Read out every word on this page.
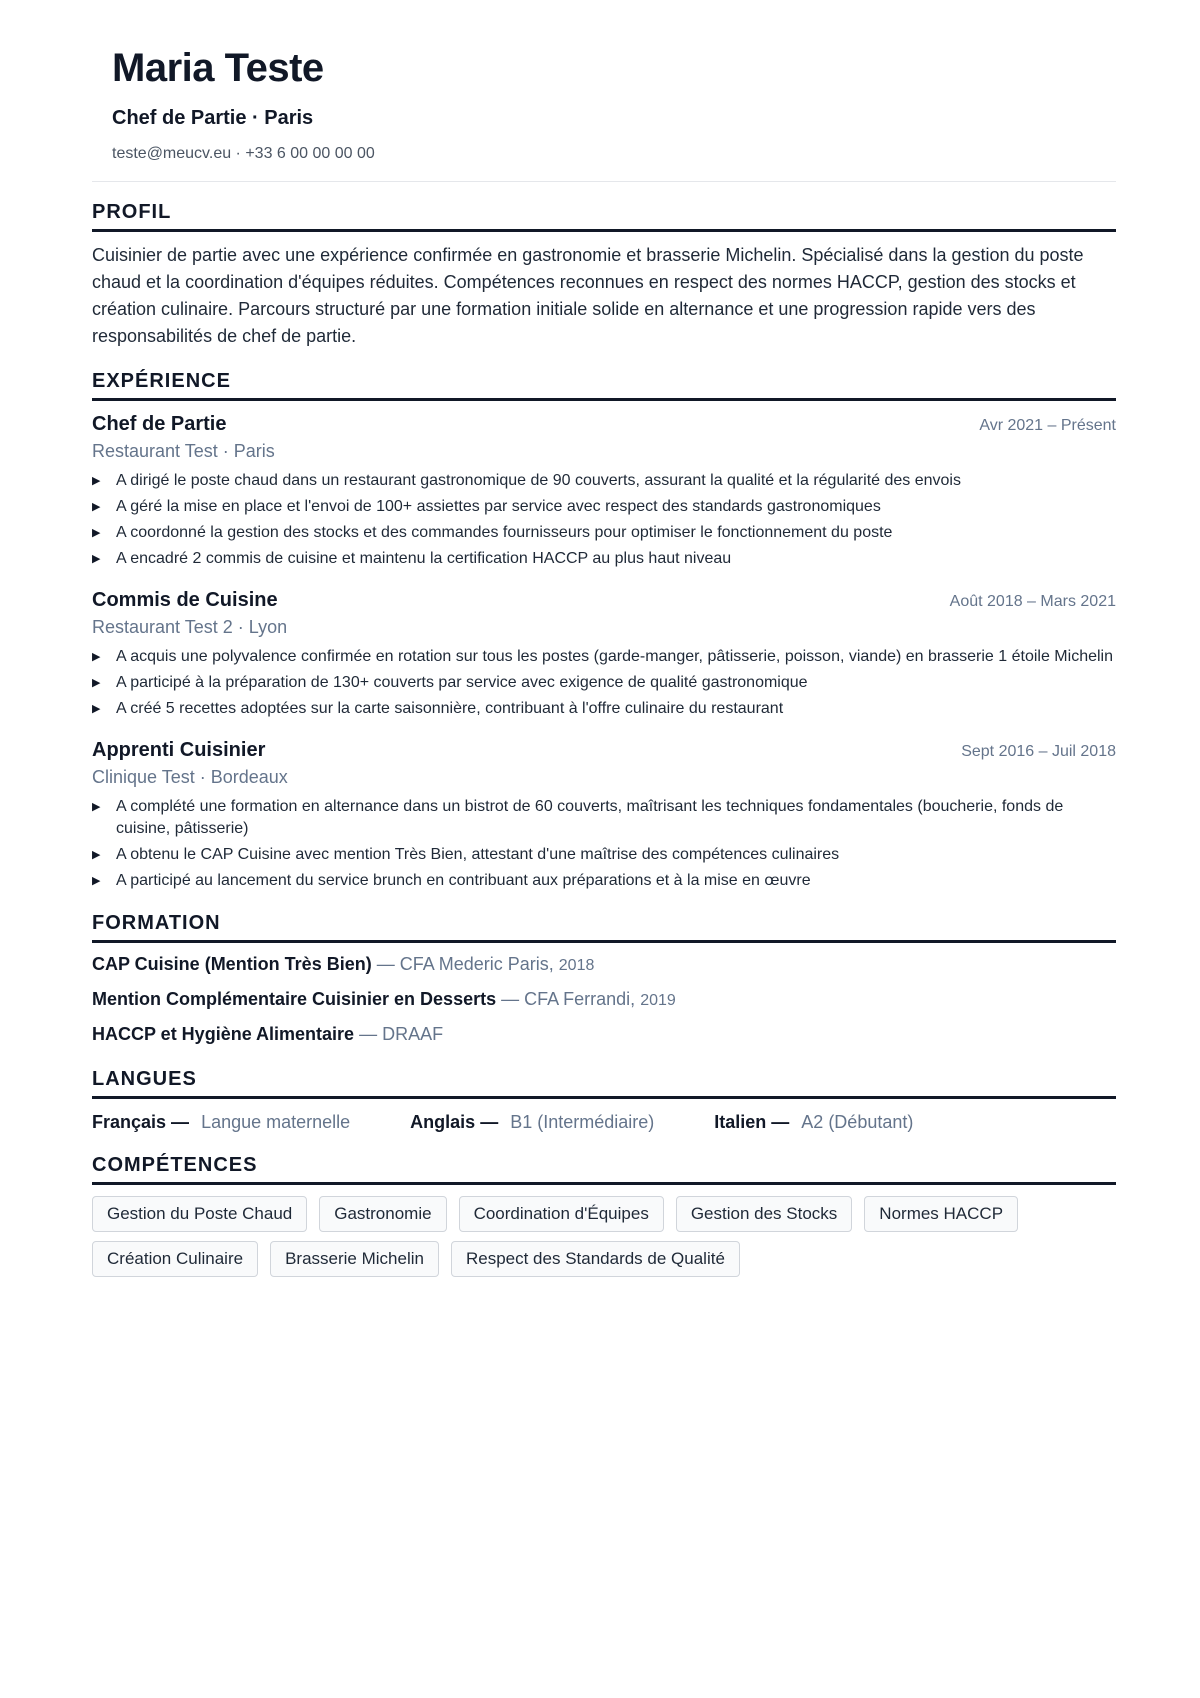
Maria Teste
Chef de Partie · Paris
teste@meucv.eu · +33 6 00 00 00 00
PROFIL
Cuisinier de partie avec une expérience confirmée en gastronomie et brasserie Michelin. Spécialisé dans la gestion du poste chaud et la coordination d'équipes réduites. Compétences reconnues en respect des normes HACCP, gestion des stocks et création culinaire. Parcours structuré par une formation initiale solide en alternance et une progression rapide vers des responsabilités de chef de partie.
EXPÉRIENCE
Chef de Partie	Avr 2021 – Présent
Restaurant Test · Paris
▶ A dirigé le poste chaud dans un restaurant gastronomique de 90 couverts, assurant la qualité et la régularité des envois
▶ A géré la mise en place et l'envoi de 100+ assiettes par service avec respect des standards gastronomiques
▶ A coordonné la gestion des stocks et des commandes fournisseurs pour optimiser le fonctionnement du poste
▶ A encadré 2 commis de cuisine et maintenu la certification HACCP au plus haut niveau
Commis de Cuisine	Août 2018 – Mars 2021
Restaurant Test 2 · Lyon
▶ A acquis une polyvalence confirmée en rotation sur tous les postes (garde-manger, pâtisserie, poisson, viande) en brasserie 1 étoile Michelin
▶ A participé à la préparation de 130+ couverts par service avec exigence de qualité gastronomique
▶ A créé 5 recettes adoptées sur la carte saisonnière, contribuant à l'offre culinaire du restaurant
Apprenti Cuisinier	Sept 2016 – Juil 2018
Clinique Test · Bordeaux
▶ A complété une formation en alternance dans un bistrot de 60 couverts, maîtrisant les techniques fondamentales (boucherie, fonds de cuisine, pâtisserie)
▶ A obtenu le CAP Cuisine avec mention Très Bien, attestant d'une maîtrise des compétences culinaires
▶ A participé au lancement du service brunch en contribuant aux préparations et à la mise en œuvre
FORMATION
CAP Cuisine (Mention Très Bien) — CFA Mederic Paris, 2018
Mention Complémentaire Cuisinier en Desserts — CFA Ferrandi, 2019
HACCP et Hygiène Alimentaire — DRAAF
LANGUES
Français — Langue maternelle	Anglais — B1 (Intermédiaire)	Italien — A2 (Débutant)
COMPÉTENCES
Gestion du Poste Chaud	Gastronomie	Coordination d'Équipes	Gestion des Stocks	Normes HACCP
Création Culinaire	Brasserie Michelin	Respect des Standards de Qualité
